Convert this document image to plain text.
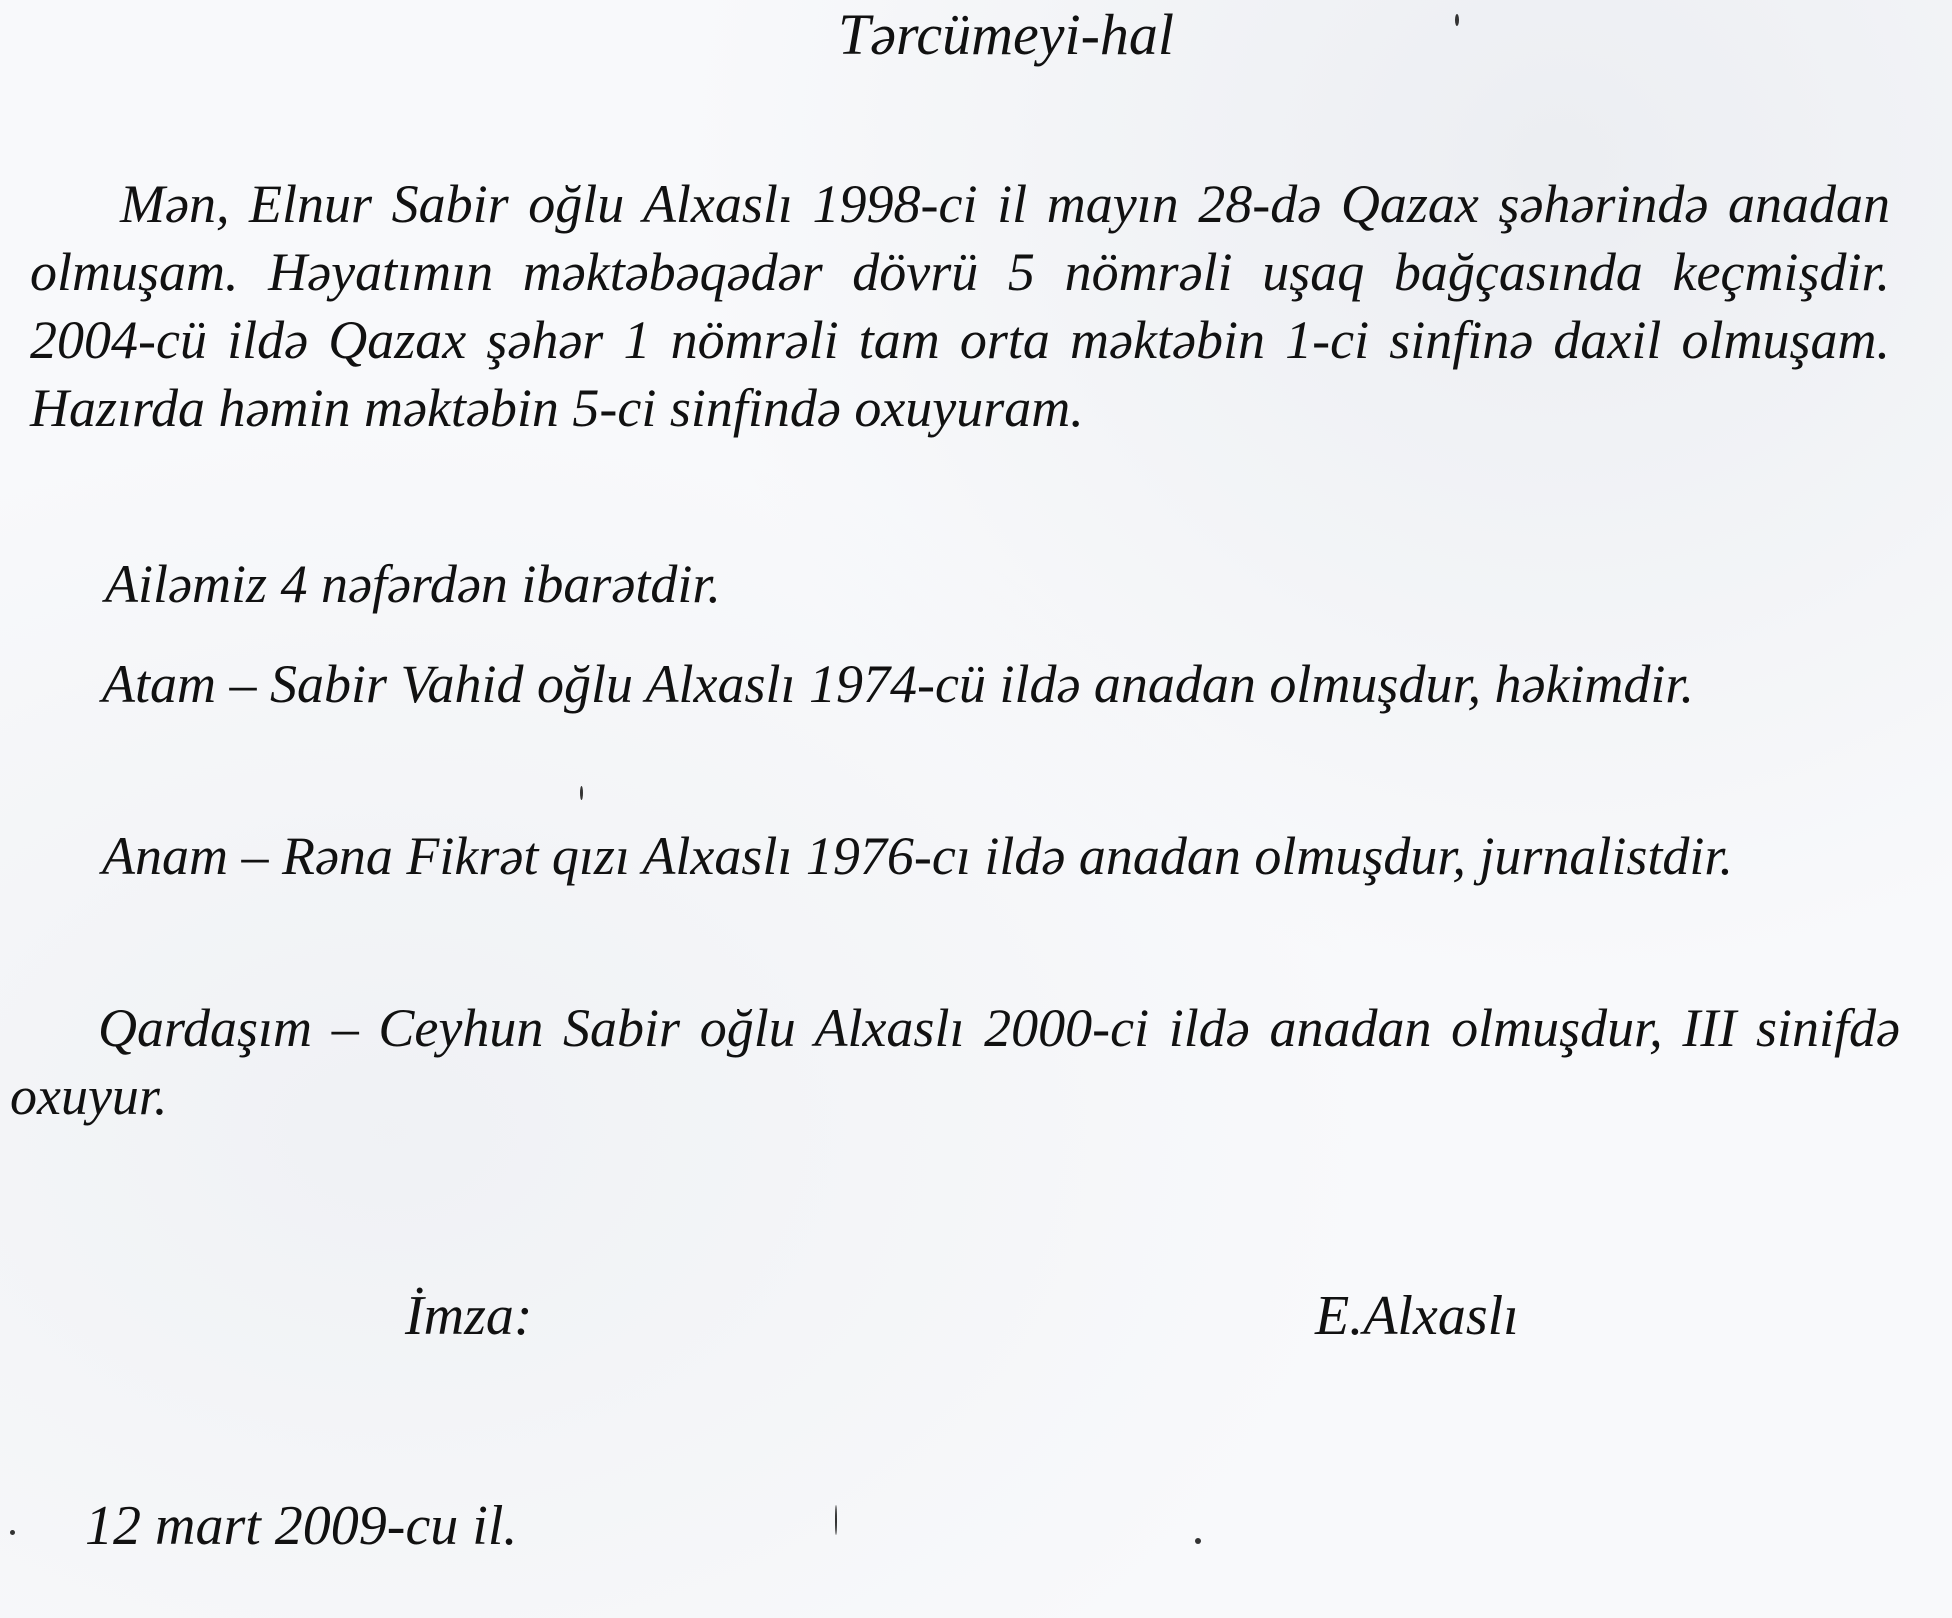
Tərcümeyi-hal

Mən, Elnur Sabir oğlu Alxaslı 1998-ci il mayın 28-də Qazax şəhərində anadan olmuşam. Həyatımın məktəbəqədər dövrü 5 nömrəli uşaq bağçasında keçmişdir. 2004-cü ildə Qazax şəhər 1 nömrəli tam orta məktəbin 1-ci sinfinə daxil olmuşam. Hazırda həmin məktəbin 5-ci sinfində oxuyuram.

Ailəmiz 4 nəfərdən ibarətdir.

Atam – Sabir Vahid oğlu Alxaslı 1974-cü ildə anadan olmuşdur, həkimdir.

Anam – Rəna Fikrət qızı Alxaslı 1976-cı ildə anadan olmuşdur, jurnalistdir.

Qardaşım – Ceyhun Sabir oğlu Alxaslı 2000-ci ildə anadan olmuşdur, III sinifdə oxuyur.

İmza:	E.Alxaslı
12 mart 2009-cu il.
